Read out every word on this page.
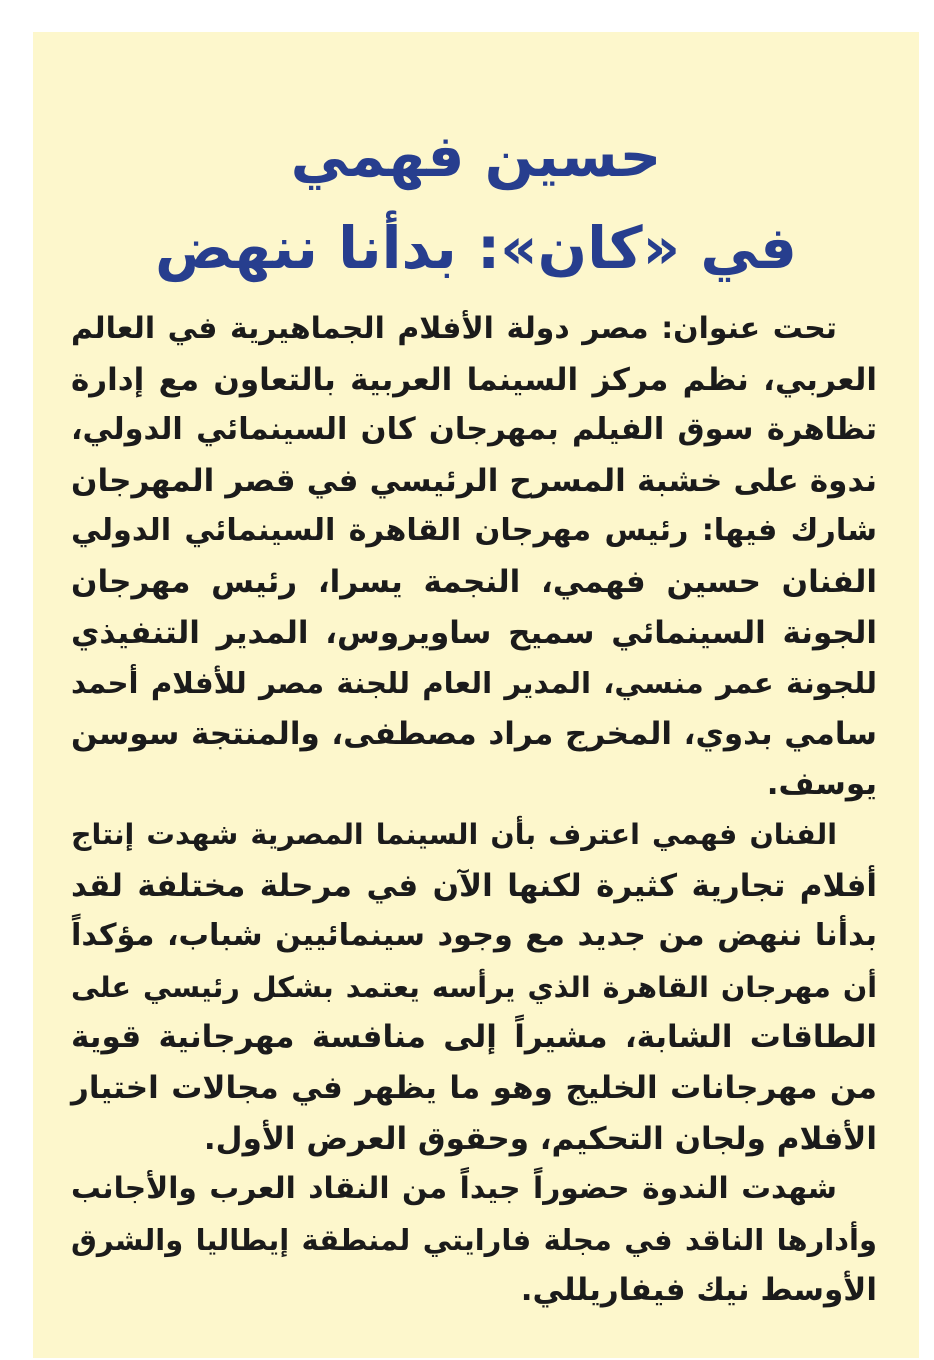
حسين فهمي
في «كان»: بدأنا ننهض

تحت عنوان: مصر دولة الأفلام الجماهيرية في العالم
العربي، نظم مركز السينما العربية بالتعاون مع إدارة
تظاهرة سوق الفيلم بمهرجان كان السينمائي الدولي،
ندوة على خشبة المسرح الرئيسي في قصر المهرجان
شارك فيها: رئيس مهرجان القاهرة السينمائي الدولي
الفنان حسين فهمي، النجمة يسرا، رئيس مهرجان
الجونة السينمائي سميح ساويروس، المدير التنفيذي
للجونة عمر منسي، المدير العام للجنة مصر للأفلام أحمد
سامي بدوي، المخرج مراد مصطفى، والمنتجة سوسن
يوسف.

الفنان فهمي اعترف بأن السينما المصرية شهدت إنتاج
أفلام تجارية كثيرة لكنها الآن في مرحلة مختلفة لقد
بدأنا ننهض من جديد مع وجود سينمائيين شباب، مؤكداً
أن مهرجان القاهرة الذي يرأسه يعتمد بشكل رئيسي على
الطاقات الشابة، مشيراً إلى منافسة مهرجانية قوية
من مهرجانات الخليج وهو ما يظهر في مجالات اختيار
الأفلام ولجان التحكيم، وحقوق العرض الأول.

شهدت الندوة حضوراً جيداً من النقاد العرب والأجانب
وأدارها الناقد في مجلة فارايتي لمنطقة إيطاليا والشرق
الأوسط نيك فيفاريللي.
